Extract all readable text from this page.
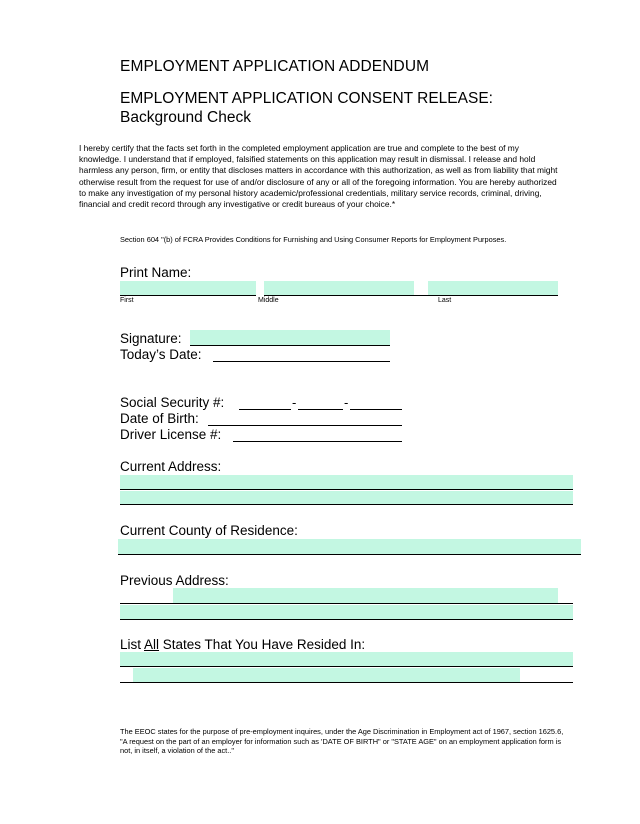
EMPLOYMENT APPLICATION ADDENDUM
EMPLOYMENT APPLICATION CONSENT RELEASE:
Background Check
I hereby certify that the facts set forth in the completed employment application are true and complete to the best of my knowledge. I understand that if employed, falsified statements on this application may result in dismissal. I release and hold harmless any person, firm, or entity that discloses matters in accordance with this authorization, as well as from liability that might otherwise result from the request for use of and/or disclosure of any or all of the foregoing information. You are hereby authorized to make any investigation of my personal history academic/professional credentials, military service records, criminal, driving, financial and credit record through any investigative or credit bureaus of your choice.*
Section 604 "(b) of FCRA Provides Conditions for Furnishing and Using Consumer Reports for Employment Purposes.
Print Name:
First	Middle	Last
Signature:
Today’s Date:
Social Security #:	-	-
Date of Birth:
Driver License #:
Current Address:
Current County of Residence:
Previous Address:
List All States That You Have Resided In:
The EEOC states for the purpose of pre-employment inquires, under the Age Discrimination in Employment act of 1967, section 1625.6, "A request on the part of an employer for information such as 'DATE OF BIRTH" or "STATE AGE" on an employment application form is not, in itself, a violation of the act.."
